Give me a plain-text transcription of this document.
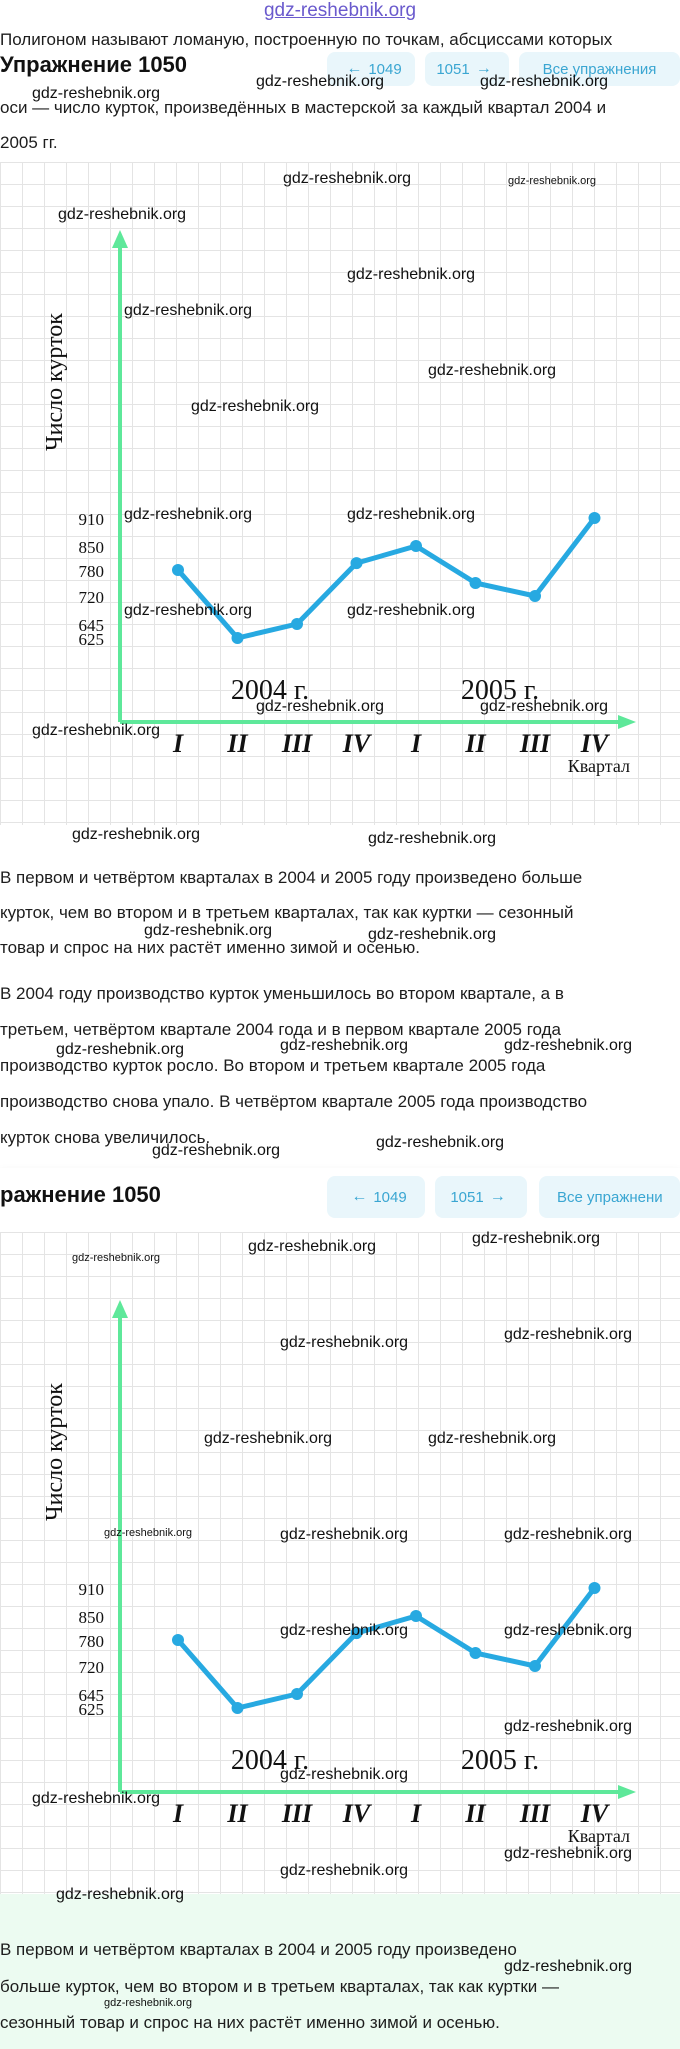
gdz-reshebnik.org
Полигоном называют ломаную, построенную по точкам, абсциссами которых
Упражнение 1050	← 1049 1051 →	Все упражнения
оси — число курток, произведённых в мастерской за каждый квартал 2004 и
2005 гг.
Число курток
625
645
720
780
850
910
I II III IV I II III IV
2004 г.	2005 г.
Квартал
В первом и четвёртом кварталах в 2004 и 2005 году произведено больше
курток, чем во втором и в третьем кварталах, так как куртки — сезонный
товар и спрос на них растёт именно зимой и осенью.
В 2004 году производство курток уменьшилось во втором квартале, а в
третьем, четвёртом квартале 2004 года и в первом квартале 2005 года
производство курток росло. Во втором и третьем квартале 2005 года
производство снова упало. В четвёртом квартале 2005 года производство
курток снова увеличилось.
ражнение 1050	← 1049	1051 →	Все упражнени
Число курток
625
645
720
780
850
910
I II III IV I II III IV
2004 г.	2005 г.
Квартал
В первом и четвёртом кварталах в 2004 и 2005 году произведено
больше курток, чем во втором и в третьем кварталах, так как куртки —
сезонный товар и спрос на них растёт именно зимой и осенью.
gdz-reshebnik.org
gdz-reshebnik.org	gdz-reshebnik.org
gdz-reshebnik.org	gdz-reshebnik.org
gdz-reshebnik.org
gdz-reshebnik.org
gdz-reshebnik.org
gdz-reshebnik.org
gdz-reshebnik.org
gdz-reshebnik.org	gdz-reshebnik.org
gdz-reshebnik.org	gdz-reshebnik.org
gdz-reshebnik.org	gdz-reshebnik.org
gdz-reshebnik.org
gdz-reshebnik.org	gdz-reshebnik.org
gdz-reshebnik.org	gdz-reshebnik.org
gdz-reshebnik.org	gdz-reshebnik.org	gdz-reshebnik.org
gdz-reshebnik.org	gdz-reshebnik.org
gdz-reshebnik.org
gdz-reshebnik.org	gdz-reshebnik.org
gdz-reshebnik.org	gdz-reshebnik.org
gdz-reshebnik.org	gdz-reshebnik.org
gdz-reshebnik.org	gdz-reshebnik.org	gdz-reshebnik.org
gdz-reshebnik.org	gdz-reshebnik.org
gdz-reshebnik.org
gdz-reshebnik.org
gdz-reshebnik.org
gdz-reshebnik.org
gdz-reshebnik.org
gdz-reshebnik.org
gdz-reshebnik.org
gdz-reshebnik.org
